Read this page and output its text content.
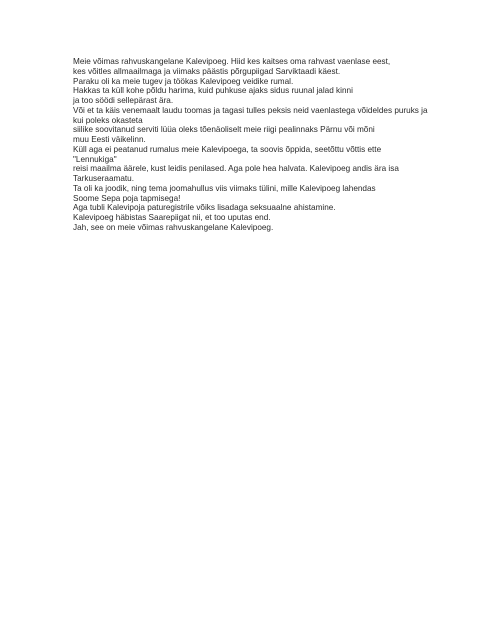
Meie võimas rahvuskangelane Kalevipoeg. Hiid kes kaitses oma rahvast vaenlase eest,
kes võitles allmaailmaga ja viimaks päästis põrgupiigad Sarviktaadi käest.
Paraku oli ka meie tugev ja töökas Kalevipoeg veidike rumal.
Hakkas ta küll kohe põldu harima, kuid puhkuse ajaks sidus ruunal jalad kinni
ja too söödi sellepärast ära.
Või et ta käis venemaalt laudu toomas ja tagasi tulles peksis neid vaenlastega võideldes puruks ja
kui poleks okasteta
siilike soovitanud serviti lüüa oleks tõenäoliselt meie riigi pealinnaks Pärnu või mõni
muu Eesti väikelinn.
Küll aga ei peatanud rumalus meie Kalevipoega, ta soovis õppida, seetõttu võttis ette
"Lennukiga"
reisi maailma äärele, kust leidis penilased. Aga pole hea halvata. Kalevipoeg andis ära isa
Tarkuseraamatu.
Ta oli ka joodik, ning tema joomahullus viis viimaks tülini, mille Kalevipoeg lahendas
Soome Sepa poja tapmisega!
Aga tubli Kalevipoja paturegistrile võiks lisadaga seksuaalne ahistamine.
Kalevipoeg häbistas Saarepiigat nii, et too uputas end.
Jah, see on meie võimas rahvuskangelane Kalevipoeg.
